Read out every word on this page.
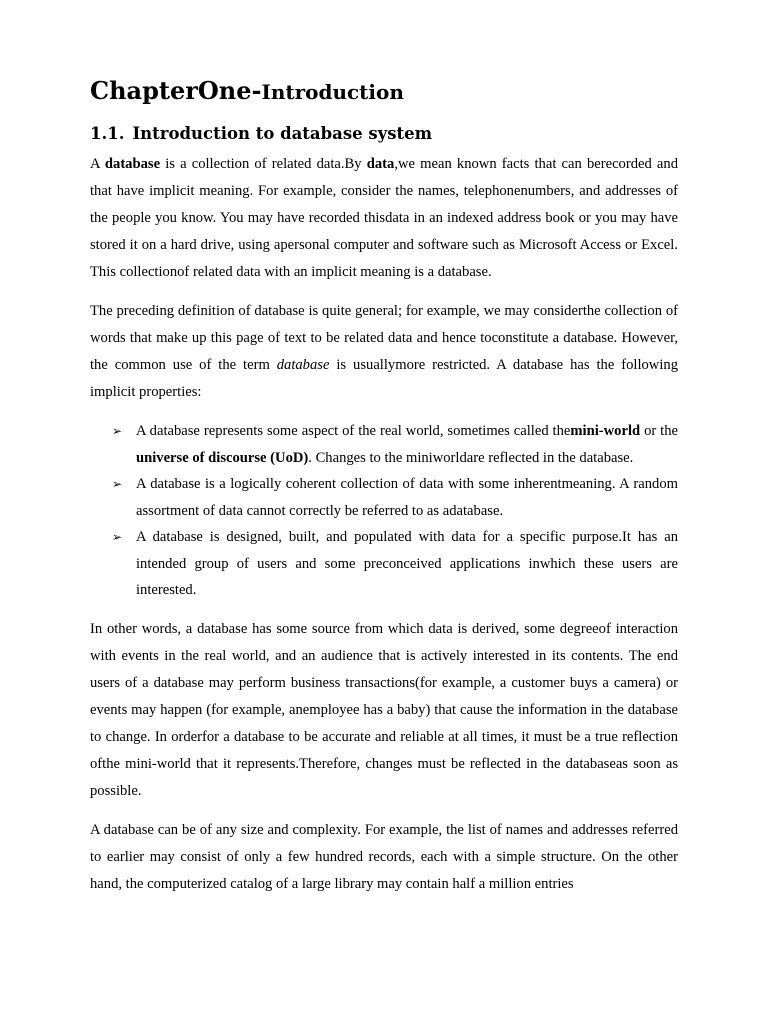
ChapterOne-Introduction
1.1. Introduction to database system

A database is a collection of related data.By data,we mean known facts that can berecorded and that have implicit meaning. For example, consider the names, telephonenumbers, and addresses of the people you know. You may have recorded thisdata in an indexed address book or you may have stored it on a hard drive, using apersonal computer and software such as Microsoft Access or Excel. This collectionof related data with an implicit meaning is a database.

The preceding definition of database is quite general; for example, we may considerthe collection of words that make up this page of text to be related data and hence toconstitute a database. However, the common use of the term database is usuallymore restricted. A database has the following implicit properties:

➢ A database represents some aspect of the real world, sometimes called themini-world or the universe of discourse (UoD). Changes to the miniworldare reflected in the database.
➢ A database is a logically coherent collection of data with some inherentmeaning. A random assortment of data cannot correctly be referred to as adatabase.
➢ A database is designed, built, and populated with data for a specific purpose.It has an intended group of users and some preconceived applications inwhich these users are interested.

In other words, a database has some source from which data is derived, some degreeof interaction with events in the real world, and an audience that is actively interested in its contents. The end users of a database may perform business transactions(for example, a customer buys a camera) or events may happen (for example, anemployee has a baby) that cause the information in the database to change. In orderfor a database to be accurate and reliable at all times, it must be a true reflection ofthe mini-world that it represents.Therefore, changes must be reflected in the databaseas soon as possible.

A database can be of any size and complexity. For example, the list of names and addresses referred to earlier may consist of only a few hundred records, each with a simple structure. On the other hand, the computerized catalog of a large library may contain half a million entries
